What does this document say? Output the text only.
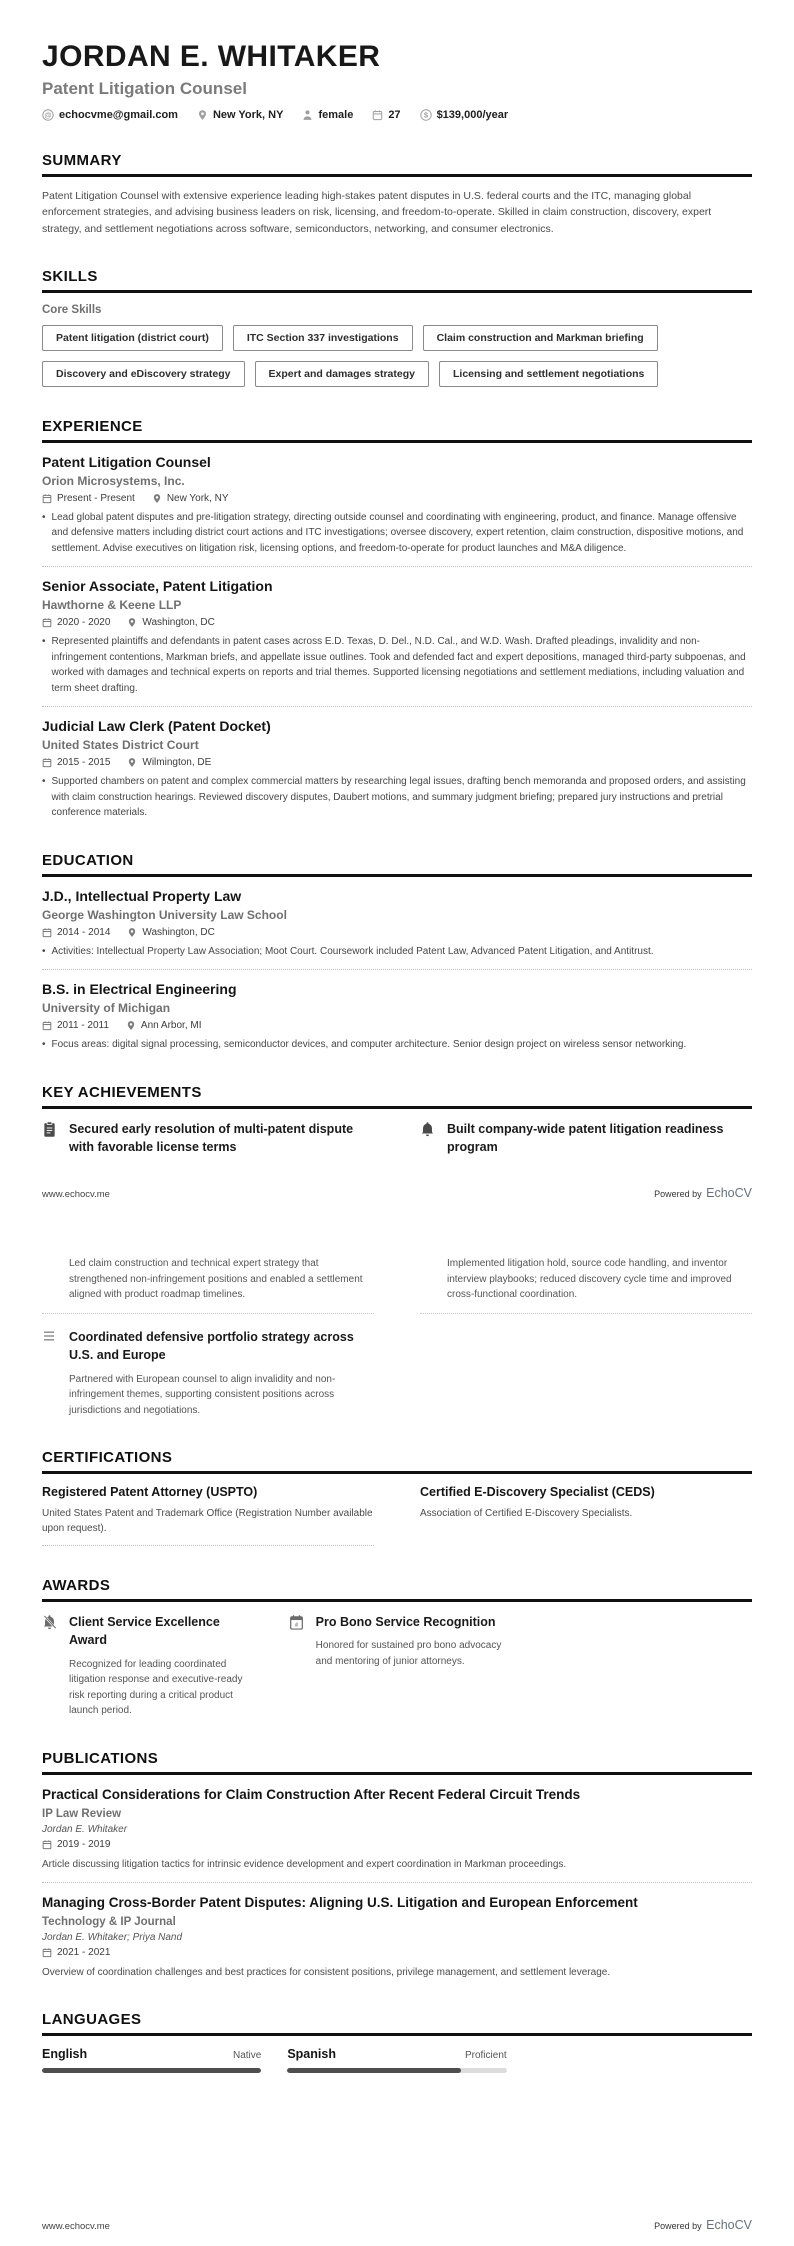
JORDAN E. WHITAKER
Patent Litigation Counsel
@ echocvme@gmail.com	New York, NY	female	27	$ $139,000/year
SUMMARY

Patent Litigation Counsel with extensive experience leading high-stakes patent disputes in U.S. federal courts and the ITC, managing global enforcement strategies, and advising business leaders on risk, licensing, and freedom-to-operate. Skilled in claim construction, discovery, expert strategy, and settlement negotiations across software, semiconductors, networking, and consumer electronics.

SKILLS
Core Skills
Patent litigation (district court)	ITC Section 337 investigations	Claim construction and Markman briefing
Discovery and eDiscovery strategy	Expert and damages strategy	Licensing and settlement negotiations
EXPERIENCE
Patent Litigation Counsel
Orion Microsystems, Inc.
Present - Present	New York, NY
• Lead global patent disputes and pre-litigation strategy, directing outside counsel and coordinating with engineering, product, and finance. Manage offensive and defensive matters including district court actions and ITC investigations; oversee discovery, expert retention, claim construction, dispositive motions, and settlement. Advise executives on litigation risk, licensing options, and freedom-to-operate for product launches and M&A diligence.
Senior Associate, Patent Litigation
Hawthorne & Keene LLP
2020 - 2020	Washington, DC
• Represented plaintiffs and defendants in patent cases across E.D. Texas, D. Del., N.D. Cal., and W.D. Wash. Drafted pleadings, invalidity and non-infringement contentions, Markman briefs, and appellate issue outlines. Took and defended fact and expert depositions, managed third-party subpoenas, and worked with damages and technical experts on reports and trial themes. Supported licensing negotiations and settlement mediations, including valuation and term sheet drafting.
Judicial Law Clerk (Patent Docket)
United States District Court
2015 - 2015	Wilmington, DE
• Supported chambers on patent and complex commercial matters by researching legal issues, drafting bench memoranda and proposed orders, and assisting with claim construction hearings. Reviewed discovery disputes, Daubert motions, and summary judgment briefing; prepared jury instructions and pretrial conference materials.
EDUCATION
J.D., Intellectual Property Law
George Washington University Law School
2014 - 2014	Washington, DC
• Activities: Intellectual Property Law Association; Moot Court. Coursework included Patent Law, Advanced Patent Litigation, and Antitrust.
B.S. in Electrical Engineering
University of Michigan
2011 - 2011	Ann Arbor, MI
• Focus areas: digital signal processing, semiconductor devices, and computer architecture. Senior design project on wireless sensor networking.
KEY ACHIEVEMENTS
Secured early resolution of multi-patent dispute with favorable license terms
Built company-wide patent litigation readiness program
www.echocv.me	Powered by EchoCV

Led claim construction and technical expert strategy that strengthened non-infringement positions and enabled a settlement aligned with product roadmap timelines.

Implemented litigation hold, source code handling, and inventor interview playbooks; reduced discovery cycle time and improved cross-functional coordination.

Coordinated defensive portfolio strategy across U.S. and Europe

Partnered with European counsel to align invalidity and non-infringement themes, supporting consistent positions across jurisdictions and negotiations.

CERTIFICATIONS
Registered Patent Attorney (USPTO)

United States Patent and Trademark Office (Registration Number available upon request).

Certified E-Discovery Specialist (CEDS)

Association of Certified E-Discovery Specialists.

AWARDS
Client Service Excellence Award

Recognized for leading coordinated litigation response and executive-ready risk reporting during a critical product launch period.

ıll Pro Bono Service Recognition

Honored for sustained pro bono advocacy and mentoring of junior attorneys.

PUBLICATIONS
Practical Considerations for Claim Construction After Recent Federal Circuit Trends
IP Law Review
Jordan E. Whitaker
2019 - 2019

Article discussing litigation tactics for intrinsic evidence development and expert coordination in Markman proceedings.

Managing Cross-Border Patent Disputes: Aligning U.S. Litigation and European Enforcement
Technology & IP Journal
Jordan E. Whitaker; Priya Nand
2021 - 2021

Overview of coordination challenges and best practices for consistent positions, privilege management, and settlement leverage.

LANGUAGES
English	Native Spanish	Proficient
www.echocv.me	Powered by EchoCV
